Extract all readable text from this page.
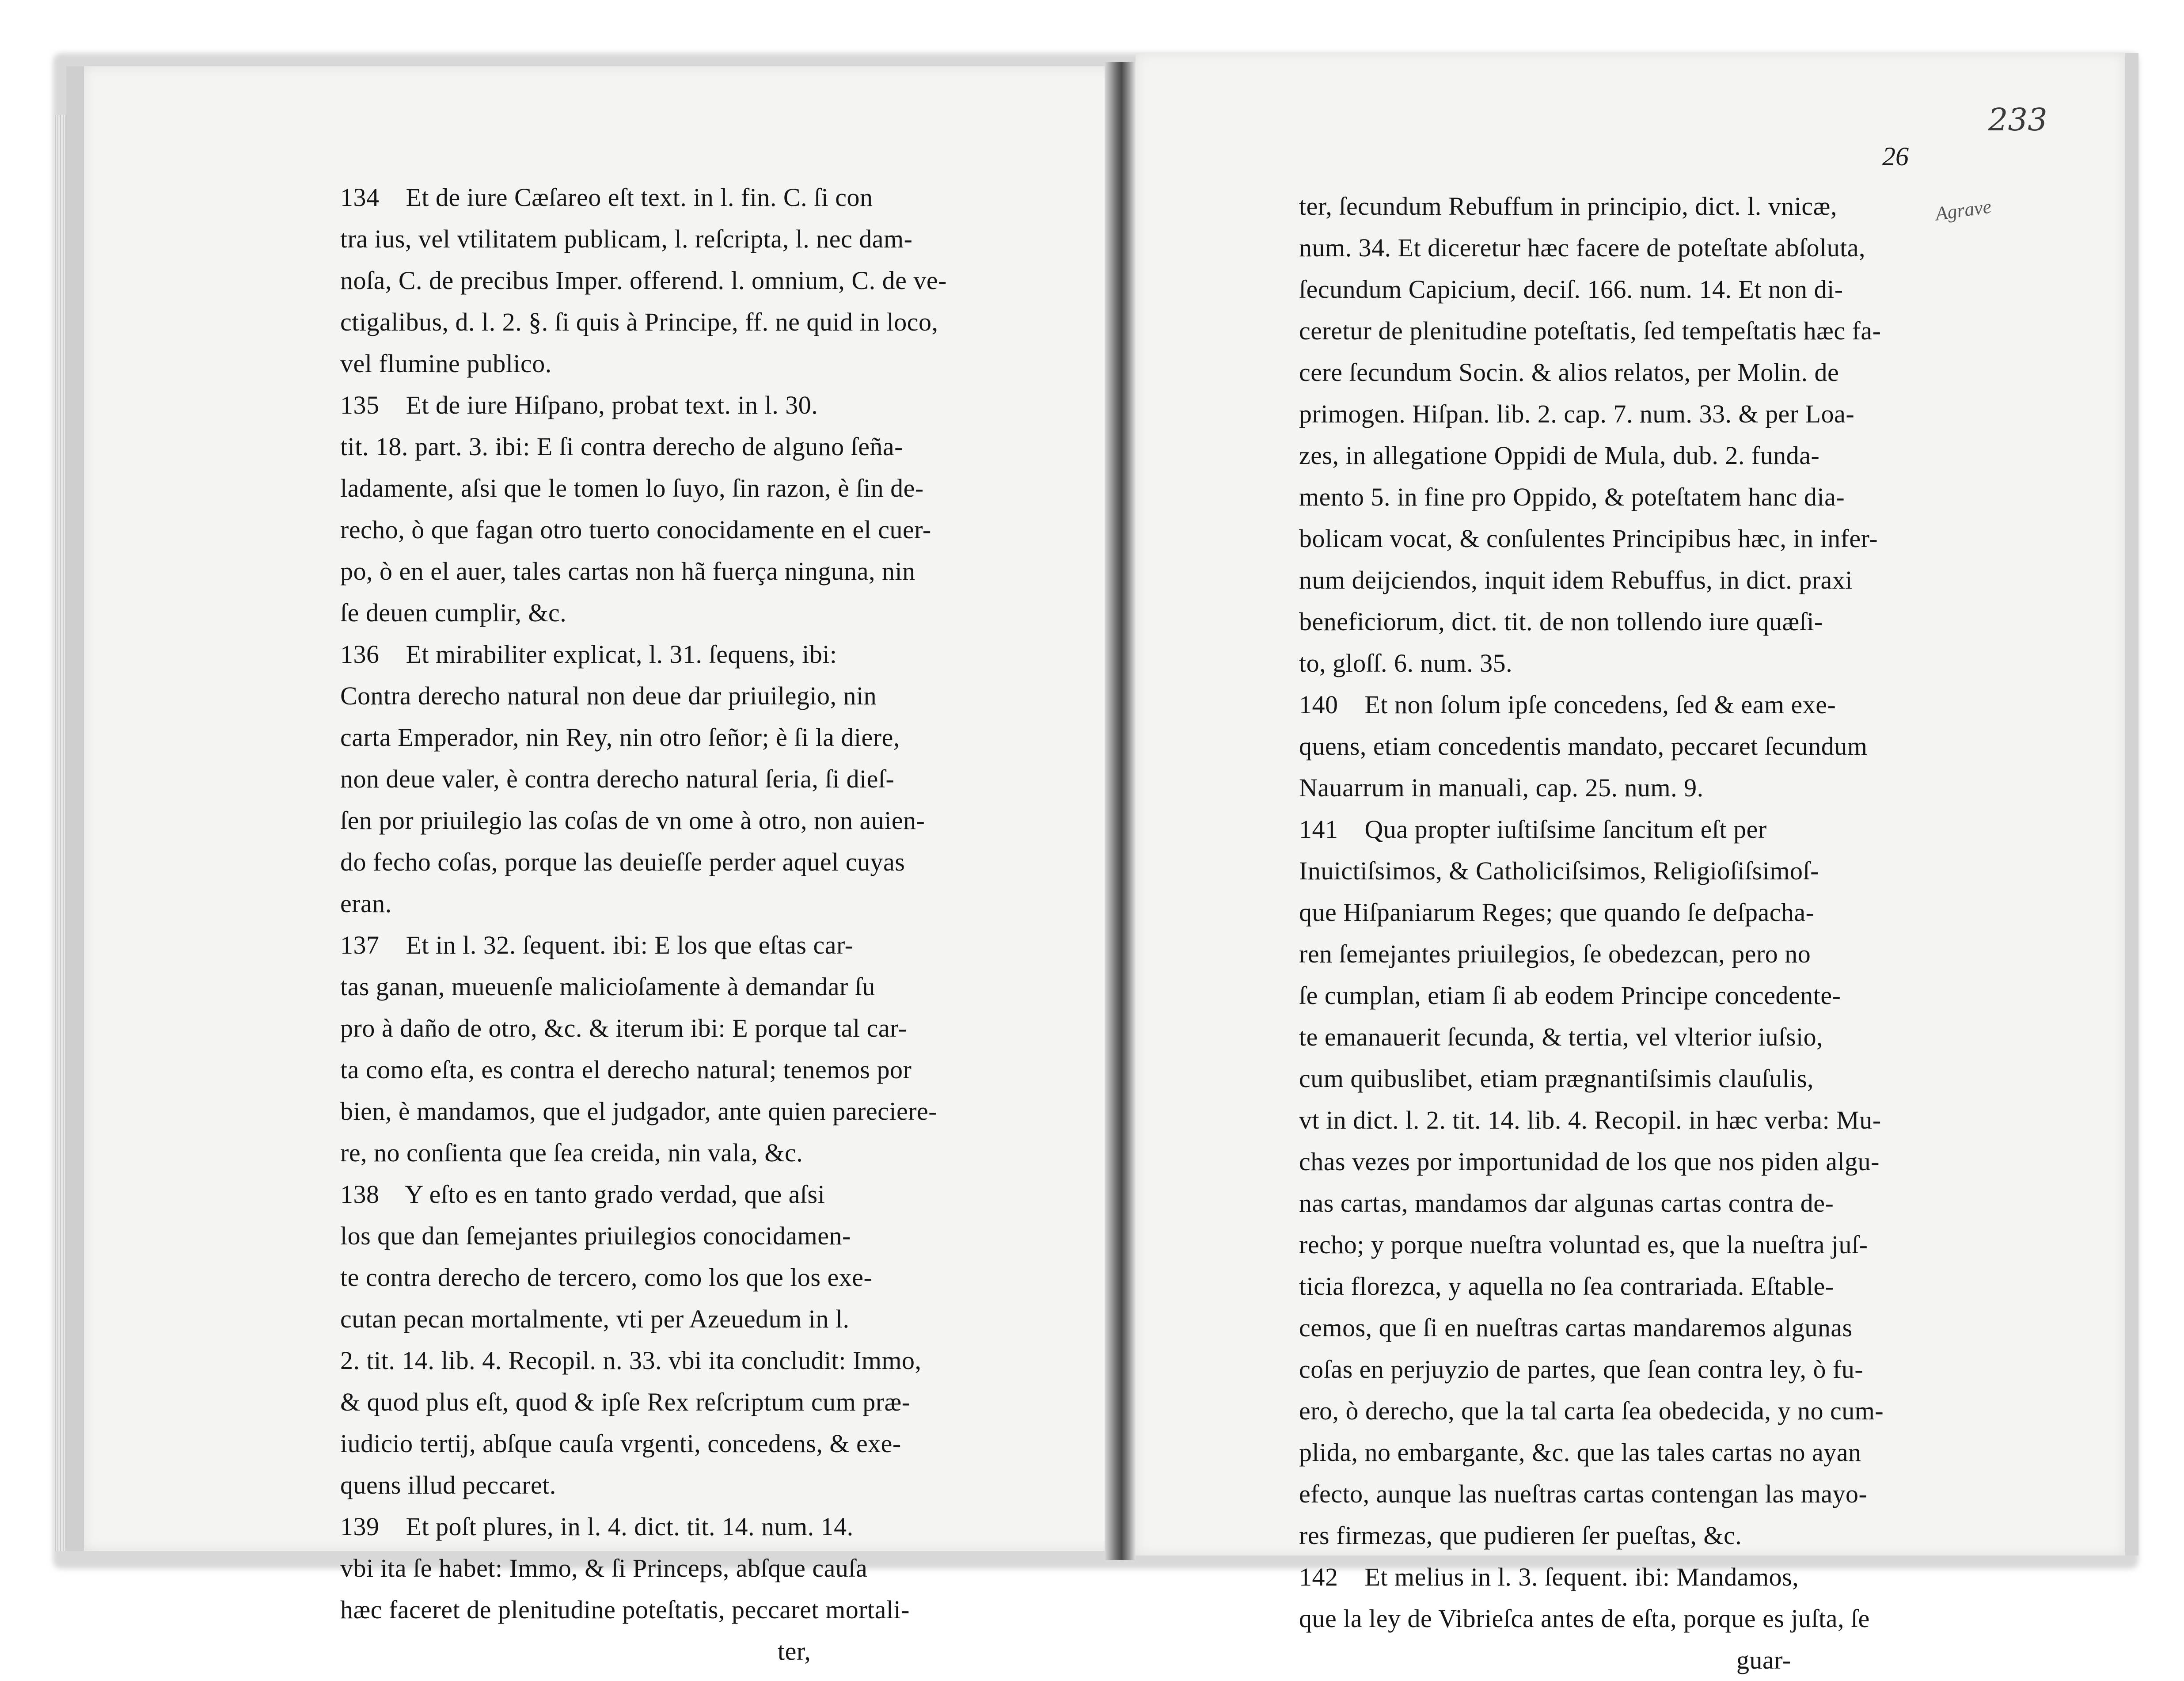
233
26
Agrave
134    Et de iure Cæſareo eſt text. in l. fin. C. ſi con
tra ius, vel vtilitatem publicam, l. reſcripta, l. nec dam-
noſa, C. de precibus Imper. offerend. l. omnium, C. de ve-
ctigalibus, d. l. 2. §. ſi quis à Principe, ff. ne quid in loco,
vel flumine publico.
135    Et de iure Hiſpano, probat text. in l. 30.
tit. 18. part. 3. ibi: E ſi contra derecho de alguno ſeña-
ladamente, aſsi que le tomen lo ſuyo, ſin razon, è ſin de-
recho, ò que fagan otro tuerto conocidamente en el cuer-
po, ò en el auer, tales cartas non hã fuerça ninguna, nin
ſe deuen cumplir, &c.
136    Et mirabiliter explicat, l. 31. ſequens, ibi:
Contra derecho natural non deue dar priuilegio, nin
carta Emperador, nin Rey, nin otro ſeñor; è ſi la diere,
non deue valer, è contra derecho natural ſeria, ſi dieſ-
ſen por priuilegio las coſas de vn ome à otro, non auien-
do fecho coſas, porque las deuieſſe perder aquel cuyas
eran.
137    Et in l. 32. ſequent. ibi: E los que eſtas car-
tas ganan, mueuenſe malicioſamente à demandar ſu
pro à daño de otro, &c. & iterum ibi: E porque tal car-
ta como eſta, es contra el derecho natural; tenemos por
bien, è mandamos, que el judgador, ante quien pareciere-
re, no conſienta que ſea creida, nin vala, &c.
138    Y eſto es en tanto grado verdad, que aſsi
los que dan ſemejantes priuilegios conocidamen-
te contra derecho de tercero, como los que los exe-
cutan pecan mortalmente, vti per Azeuedum in l.
2. tit. 14. lib. 4. Recopil. n. 33. vbi ita concludit: Immo,
& quod plus eſt, quod & ipſe Rex reſcriptum cum præ-
iudicio tertij, abſque cauſa vrgenti, concedens, & exe-
quens illud peccaret.
139    Et poſt plures, in l. 4. dict. tit. 14. num. 14.
vbi ita ſe habet: Immo, & ſi Princeps, abſque cauſa
hæc faceret de plenitudine poteſtatis, peccaret mortali-
ter,
ter, ſecundum Rebuffum in principio, dict. l. vnicæ,
num. 34. Et diceretur hæc facere de poteſtate abſoluta,
ſecundum Capicium, deciſ. 166. num. 14. Et non di-
ceretur de plenitudine poteſtatis, ſed tempeſtatis hæc fa-
cere ſecundum Socin. & alios relatos, per Molin. de
primogen. Hiſpan. lib. 2. cap. 7. num. 33. & per Loa-
zes, in allegatione Oppidi de Mula, dub. 2. funda-
mento 5. in fine pro Oppido, & poteſtatem hanc dia-
bolicam vocat, & conſulentes Principibus hæc, in infer-
num deijciendos, inquit idem Rebuffus, in dict. praxi
beneficiorum, dict. tit. de non tollendo iure quæſi-
to, gloſſ. 6. num. 35.
140    Et non ſolum ipſe concedens, ſed & eam exe-
quens, etiam concedentis mandato, peccaret ſecundum
Nauarrum in manuali, cap. 25. num. 9.
141    Qua propter iuſtiſsime ſancitum eſt per
Inuictiſsimos, & Catholiciſsimos, Religioſiſsimoſ-
que Hiſpaniarum Reges; que quando ſe deſpacha-
ren ſemejantes priuilegios, ſe obedezcan, pero no
ſe cumplan, etiam ſi ab eodem Principe concedente-
te emanauerit ſecunda, & tertia, vel vlterior iuſsio,
cum quibuslibet, etiam prægnantiſsimis clauſulis,
vt in dict. l. 2. tit. 14. lib. 4. Recopil. in hæc verba: Mu-
chas vezes por importunidad de los que nos piden algu-
nas cartas, mandamos dar algunas cartas contra de-
recho; y porque nueſtra voluntad es, que la nueſtra juſ-
ticia florezca, y aquella no ſea contrariada. Eſtable-
cemos, que ſi en nueſtras cartas mandaremos algunas
coſas en perjuyzio de partes, que ſean contra ley, ò fu-
ero, ò derecho, que la tal carta ſea obedecida, y no cum-
plida, no embargante, &c. que las tales cartas no ayan
efecto, aunque las nueſtras cartas contengan las mayo-
res firmezas, que pudieren ſer pueſtas, &c.
142    Et melius in l. 3. ſequent. ibi: Mandamos,
que la ley de Vibrieſca antes de eſta, porque es juſta, ſe
guar-
